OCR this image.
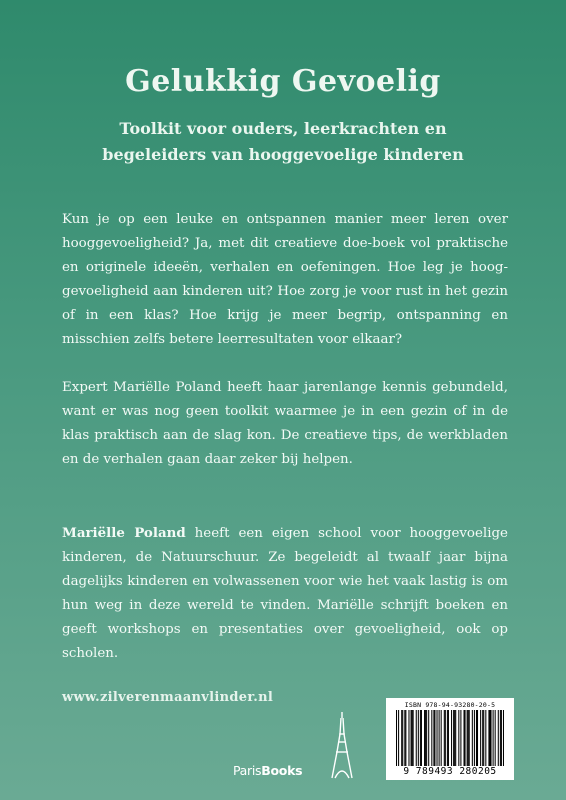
Gelukkig Gevoelig
Toolkit voor ouders, leerkrachten en
begeleiders van hooggevoelige kinderen

Kun je op een leuke en ontspannen manier meer leren over hooggevoeligheid? Ja, met dit creatieve doe-boek vol praktische en originele ideeën, verhalen en oefeningen. Hoe leg je hooggevoeligheid aan kinderen uit? Hoe zorg je voor rust in het gezin of in een klas? Hoe krijg je meer begrip, ontspanning en misschien zelfs betere leerresultaten voor elkaar?

Expert Mariëlle Poland heeft haar jarenlange kennis gebundeld, want er was nog geen toolkit waarmee je in een gezin of in de klas praktisch aan de slag kon. De creatieve tips, de werkbladen en de verhalen gaan daar zeker bij helpen.

Mariëlle Poland heeft een eigen school voor hooggevoelige kinderen, de Natuurschuur. Ze begeleidt al twaalf jaar bijna dagelijks kinderen en volwassenen voor wie het vaak lastig is om hun weg in deze wereld te vinden. Mariëlle schrijft boeken en geeft workshops en presentaties over gevoeligheid, ook op scholen.

www.zilverenmaanvlinder.nl
ParisBooks
ISBN 978-94-93280-20-5
9 789493 280205
